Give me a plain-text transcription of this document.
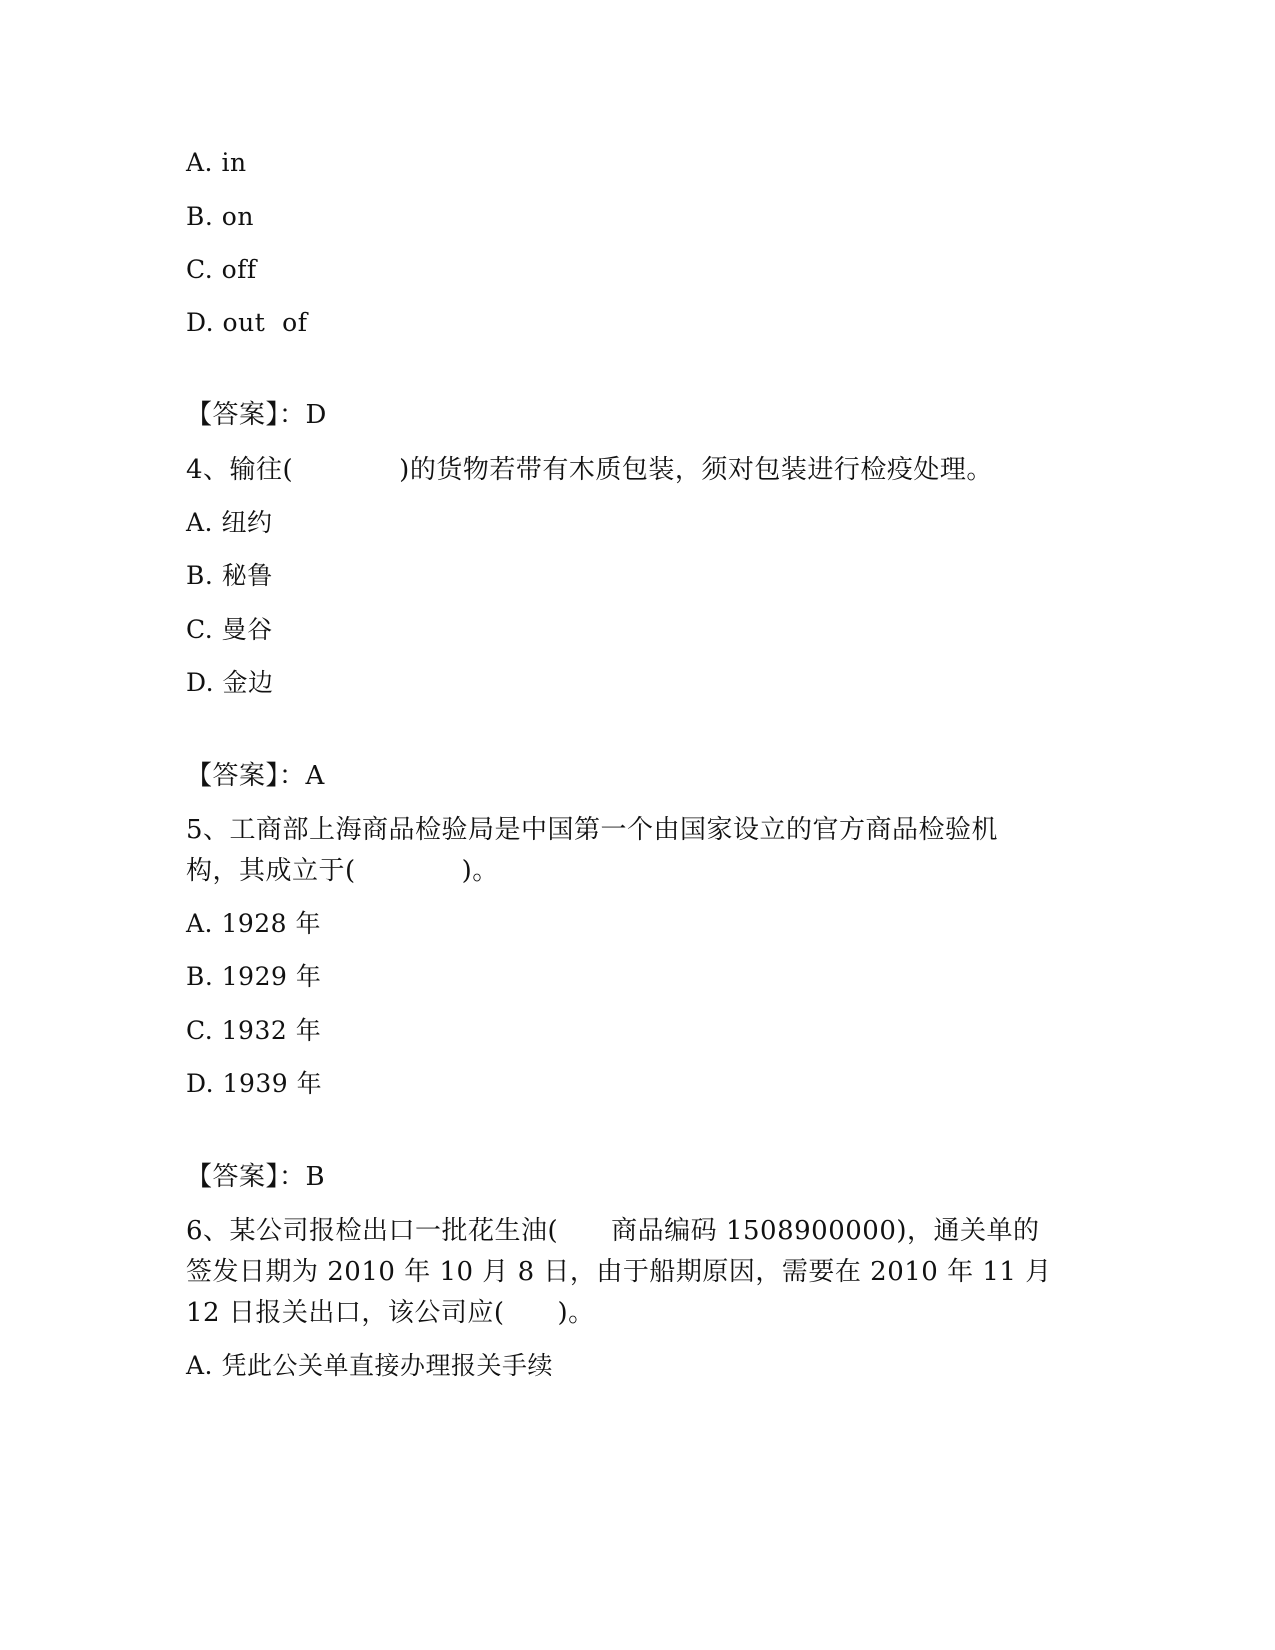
A. in
B. on
C. off
D. out  of
【答案】：D
4、输往(　　　　)的货物若带有木质包装，须对包装进行检疫处理。
A. 纽约
B. 秘鲁
C. 曼谷
D. 金边
【答案】：A
5、工商部上海商品检验局是中国第一个由国家设立的官方商品检验机
构，其成立于(　　　　)。
A. 1928 年
B. 1929 年
C. 1932 年
D. 1939 年
【答案】：B
6、某公司报检出口一批花生油(　　商品编码 1508900000)，通关单的
签发日期为 2010 年 10 月 8 日，由于船期原因，需要在 2010 年 11 月
12 日报关出口，该公司应(　　)。
A. 凭此公关单直接办理报关手续
